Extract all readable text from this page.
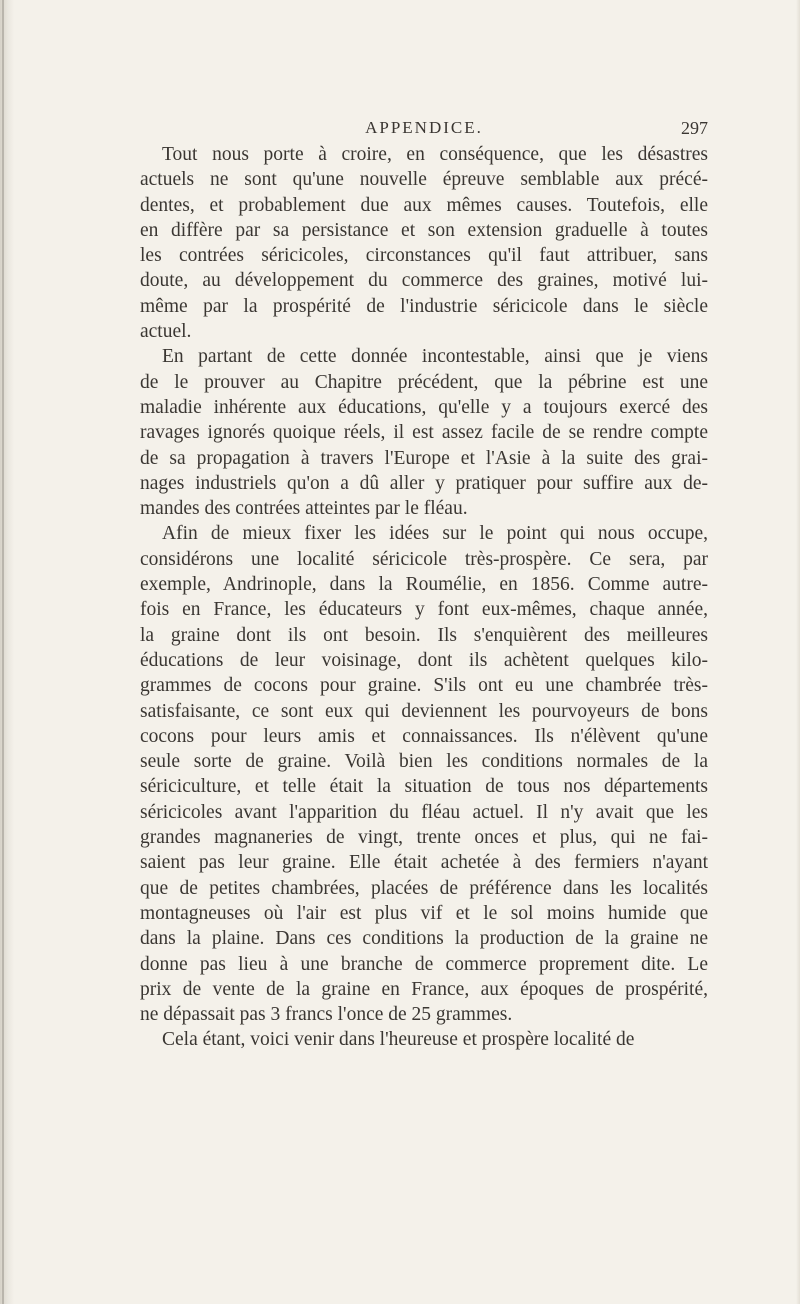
APPENDICE.	297
Tout nous porte à croire, en conséquence, que les désastres
actuels ne sont qu'une nouvelle épreuve semblable aux précé-
dentes, et probablement due aux mêmes causes. Toutefois, elle
en diffère par sa persistance et son extension graduelle à toutes
les contrées séricicoles, circonstances qu'il faut attribuer, sans
doute, au développement du commerce des graines, motivé lui-
même par la prospérité de l'industrie séricicole dans le siècle
actuel.
En partant de cette donnée incontestable, ainsi que je viens
de le prouver au Chapitre précédent, que la pébrine est une
maladie inhérente aux éducations, qu'elle y a toujours exercé des
ravages ignorés quoique réels, il est assez facile de se rendre compte
de sa propagation à travers l'Europe et l'Asie à la suite des grai-
nages industriels qu'on a dû aller y pratiquer pour suffire aux de-
mandes des contrées atteintes par le fléau.
Afin de mieux fixer les idées sur le point qui nous occupe,
considérons une localité séricicole très-prospère. Ce sera, par
exemple, Andrinople, dans la Roumélie, en 1856. Comme autre-
fois en France, les éducateurs y font eux-mêmes, chaque année,
la graine dont ils ont besoin. Ils s'enquièrent des meilleures
éducations de leur voisinage, dont ils achètent quelques kilo-
grammes de cocons pour graine. S'ils ont eu une chambrée très-
satisfaisante, ce sont eux qui deviennent les pourvoyeurs de bons
cocons pour leurs amis et connaissances. Ils n'élèvent qu'une
seule sorte de graine. Voilà bien les conditions normales de la
sériciculture, et telle était la situation de tous nos départements
séricicoles avant l'apparition du fléau actuel. Il n'y avait que les
grandes magnaneries de vingt, trente onces et plus, qui ne fai-
saient pas leur graine. Elle était achetée à des fermiers n'ayant
que de petites chambrées, placées de préférence dans les localités
montagneuses où l'air est plus vif et le sol moins humide que
dans la plaine. Dans ces conditions la production de la graine ne
donne pas lieu à une branche de commerce proprement dite. Le
prix de vente de la graine en France, aux époques de prospérité,
ne dépassait pas 3 francs l'once de 25 grammes.
Cela étant, voici venir dans l'heureuse et prospère localité de
